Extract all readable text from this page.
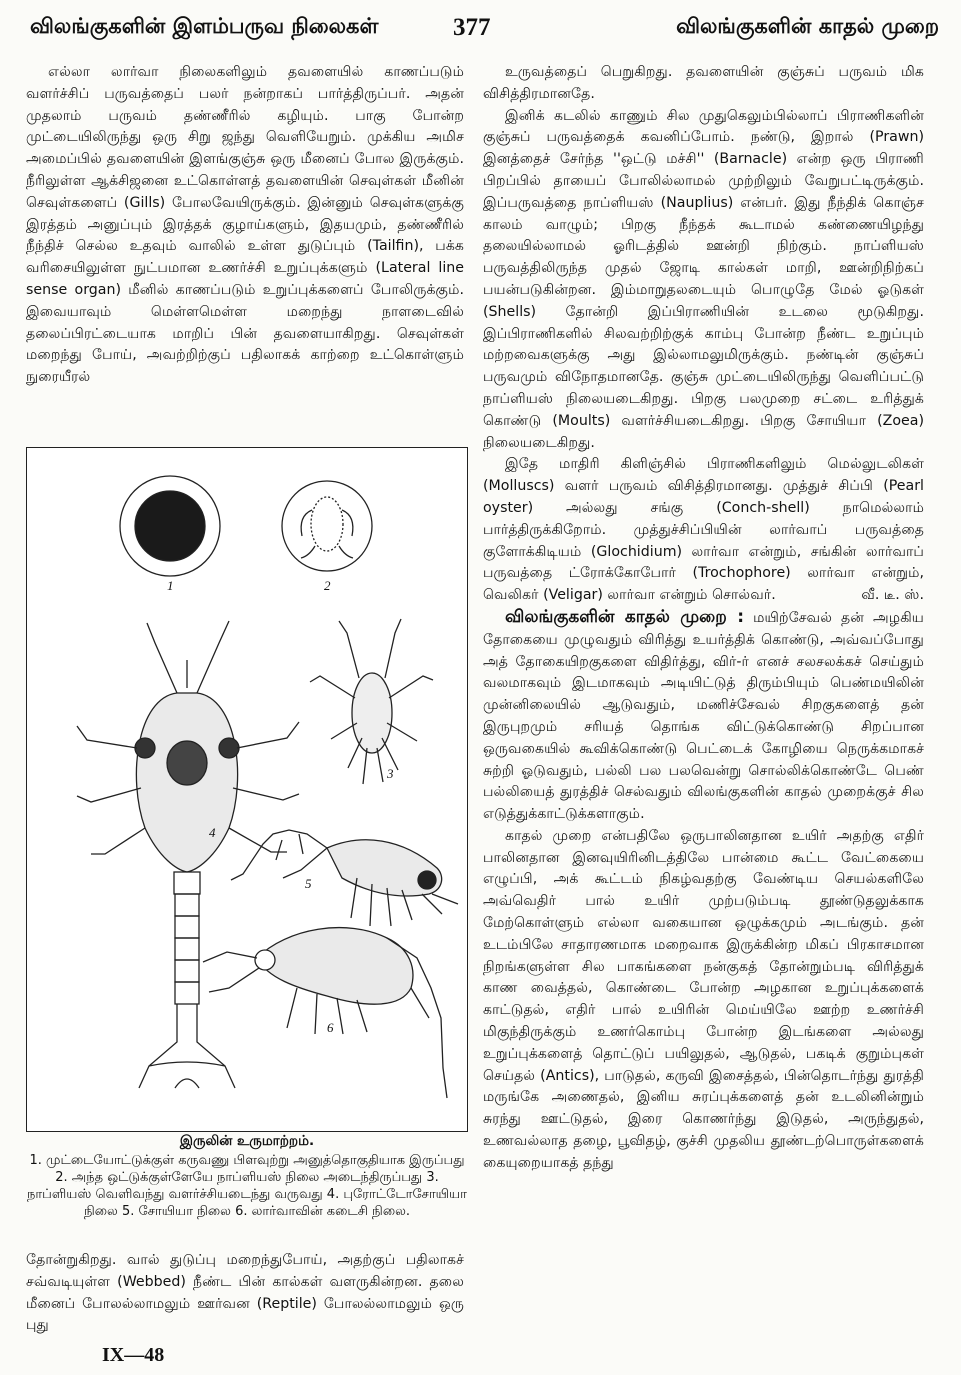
விலங்குகளின் இளம்பருவ நிலைகள்	377	விலங்குகளின் காதல் முறை

எல்லா லார்வா நிலைகளிலும் தவளையில் காணப்படும் வளர்ச்சிப் பருவத்தைப் பலர் நன்றாகப் பார்த்திருப்பர். அதன் முதலாம் பருவம் தண்ணீரில் கழியும். பாகு போன்ற முட்டையிலிருந்து ஒரு சிறு ஜந்து வெளியேறும். முக்கிய அமிச அமைப்பில் தவளையின் இளங்குஞ்சு ஒரு மீனைப் போல இருக்கும். நீரிலுள்ள ஆக்சிஜனை உட்கொள்ளத் தவளையின் செவுள்கள் மீனின் செவுள்களைப் (Gills) போலவேயிருக்கும். இன்னும் செவுள்களுக்கு இரத்தம் அனுப்பும் இரத்தக் குழாய்களும், இதயமும், தண்ணீரில் நீந்திச் செல்ல உதவும் வாலில் உள்ள துடுப்பும் (Tailfin), பக்க வரிசையிலுள்ள நுட்பமான உணர்ச்சி உறுப்புக்களும் (Lateral line sense organ) மீனில் காணப்படும் உறுப்புக்களைப் போலிருக்கும். இவையாவும் மெள்ளமெள்ள மறைந்து நாளடைவில் தலைப்பிரட்டையாக மாறிப் பின் தவளையாகிறது. செவுள்கள் மறைந்து போய், அவற்றிற்குப் பதிலாகக் காற்றை உட்கொள்ளும் நுரையீரல்

1	2
3
4
5
6
இருலின் உருமாற்றம்.
1. முட்டையோட்டுக்குள் கருவணு பிளவுற்று அனுத்தொகுதியாக இருப்பது 2. அந்த ஒட்டுக்குள்ளேயே நாப்ளியஸ் நிலை அடைந்திருப்பது 3. நாப்ளியஸ் வெளிவந்து வளர்ச்சியடைந்து வருவது 4. புரோட்டோசோயியா நிலை 5. சோயியா நிலை 6. லார்வாவின் கடைசி நிலை.

தோன்றுகிறது. வால் துடுப்பு மறைந்துபோய், அதற்குப் பதிலாகச் சவ்வடியுள்ள (Webbed) நீண்ட பின் கால்கள் வளருகின்றன. தலை மீனைப் போலல்லாமலும் ஊர்வன (Reptile) போலல்லாமலும் ஒரு புது

உருவத்தைப் பெறுகிறது. தவளையின் குஞ்சுப் பருவம் மிக விசித்திரமானதே.

இனிக் கடலில் காணும் சில முதுகெலும்பில்லாப் பிராணிகளின் குஞ்சுப் பருவத்தைக் கவனிப்போம். நண்டு, இறால் (Prawn) இனத்தைச் சேர்ந்த ''ஒட்டு மச்சி'' (Barnacle) என்ற ஒரு பிராணி பிறப்பில் தாயைப் போலில்லாமல் முற்றிலும் வேறுபட்டிருக்கும். இப்பருவத்தை நாப்ளியஸ் (Nauplius) என்பர். இது நீந்திக் கொஞ்ச காலம் வாழும்; பிறகு நீந்தக் கூடாமல் கண்ணையிழந்து தலையில்லாமல் ஓரிடத்தில் ஊன்றி நிற்கும். நாப்ளியஸ் பருவத்திலிருந்த முதல் ஜோடி கால்கள் மாறி, ஊன்றிநிற்கப் பயன்படுகின்றன. இம்மாறுதலடையும் பொழுதே மேல் ஓடுகள் (Shells) தோன்றி இப்பிராணியின் உடலை மூடுகிறது. இப்பிராணிகளில் சிலவற்றிற்குக் காம்பு போன்ற நீண்ட உறுப்பும் மற்றவைகளுக்கு அது இல்லாமலுமிருக்கும். நண்டின் குஞ்சுப் பருவமும் விநோதமானதே. குஞ்சு முட்டையிலிருந்து வெளிப்பட்டு நாப்ளியஸ் நிலையடைகிறது. பிறகு பலமுறை சட்டை உரித்துக் கொண்டு (Moults) வளர்ச்சியடைகிறது. பிறகு சோயியா (Zoea) நிலையடைகிறது.

இதே மாதிரி கிளிஞ்சில் பிராணிகளிலும் மெல்லுடலிகள் (Molluscs) வளர் பருவம் விசித்திரமானது. முத்துச் சிப்பி (Pearl oyster) அல்லது சங்கு (Conch-shell) நாமெல்லாம் பார்த்திருக்கிறோம். முத்துச்சிப்பியின் லார்வாப் பருவத்தை குளோக்கிடியம் (Glochidium) லார்வா என்றும், சங்கின் லார்வாப் பருவத்தை ட்ரோக்கோபோர் (Trochophore) லார்வா என்றும், வெலிகர் (Veligar) லார்வா என்றும் சொல்வர்.	வீ. டீ. ஸ்.

விலங்குகளின் காதல் முறை : மயிற்சேவல் தன் அழகிய தோகையை முழுவதும் விரித்து உயர்த்திக் கொண்டு, அவ்வப்போது அத் தோகையிறகுகளை விதிர்த்து, விர்-ர் எனச் சலசலக்கச் செய்தும் வலமாகவும் இடமாகவும் அடியிட்டுத் திரும்பியும் பெண்மயிலின் முன்னிலையில் ஆடுவதும், மணிச்சேவல் சிறகுகளைத் தன் இருபுறமும் சரியத் தொங்க விட்டுக்கொண்டு சிறப்பான ஒருவகையில் கூவிக்கொண்டு பெட்டைக் கோழியை நெருக்கமாகச் சுற்றி ஓடுவதும், பல்லி பல பலவென்று சொல்லிக்கொண்டே பெண் பல்லியைத் துரத்திச் செல்வதும் விலங்குகளின் காதல் முறைக்குச் சில எடுத்துக்காட்டுக்களாகும்.

காதல் முறை என்பதிலே ஒருபாலினதான உயிர் அதற்கு எதிர் பாலினதான இனவுயிரினிடத்திலே பான்மை கூட்ட வேட்கையை எழுப்பி, அக் கூட்டம் நிகழ்வதற்கு வேண்டிய செயல்களிலே அவ்வெதிர் பால் உயிர் முற்படும்படி தூண்டுதலுக்காக மேற்கொள்ளும் எல்லா வகையான ஒழுக்கமும் அடங்கும். தன் உடம்பிலே சாதாரணமாக மறைவாக இருக்கின்ற மிகப் பிரகாசமான நிறங்களுள்ள சில பாகங்களை நன்குகத் தோன்றும்படி விரித்துக் காண வைத்தல், கொண்டை போன்ற அழகான உறுப்புக்களைக் காட்டுதல், எதிர் பால் உயிரின் மெய்யிலே ஊற்ற உணர்ச்சி மிகுந்திருக்கும் உணர்கொம்பு போன்ற இடங்களை அல்லது உறுப்புக்களைத் தொட்டுப் பயிலுதல், ஆடுதல், பகடிக் குறும்புகள் செய்தல் (Antics), பாடுதல், கருவி இசைத்தல், பின்தொடர்ந்து துரத்தி மருங்கே அணைதல், இனிய சுரப்புக்களைத் தன் உடலினின்றும் சுரந்து ஊட்டுதல், இரை கொணர்ந்து இடுதல், அருந்துதல், உணவல்லாத தழை, பூவிதழ், குச்சி முதலிய தூண்டற்பொருள்களைக் கையுறையாகத் தந்து

IX—48
